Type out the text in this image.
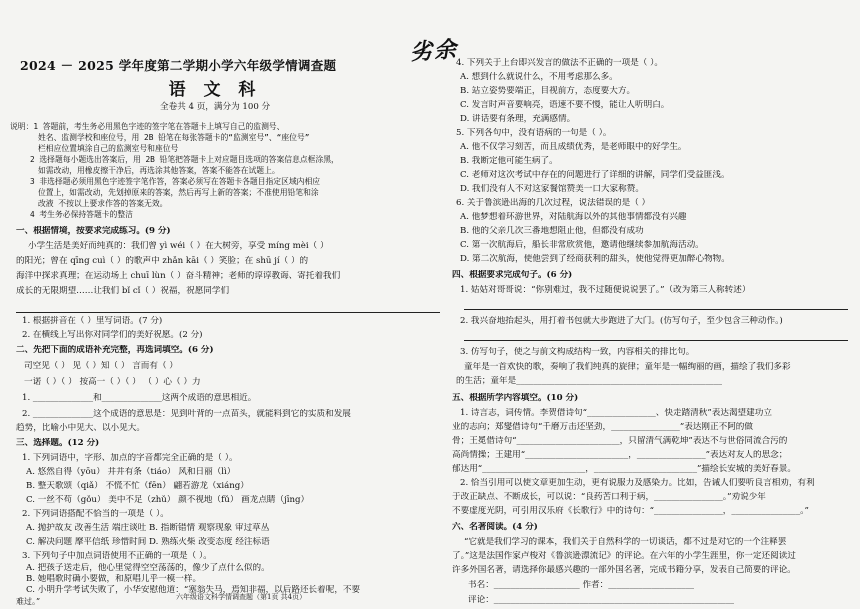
2024 － 2025 学年度第二学期小学六年级学情调查题
语 文 科
全卷共 4 页，满分为 100 分
劣余
说明：1 答题前，考生务必用黑色字迹的签字笔在答题卡上填写自己的监测号、
姓名、监测学校和座位号，用 2B 铅笔在每张答题卡的“监测室号”、“座位号”
栏相应位置填涂自己的监测室号和座位号
2 选择题每小题选出答案后，用 2B 铅笔把答题卡上对应题目选项的答案信息点框涂黑，
如需改动，用橡皮擦干净后，再选涂其他答案，答案不能答在试题上。
3 非选择题必须用黑色字迹签字笔作答，答案必须写在答题卡各题目指定区域内相应
位置上，如需改动，先划掉原来的答案，然后再写上新的答案；不准使用铅笔和涂
改液 不按以上要求作答的答案无效。
4 考生务必保持答题卡的整洁
一、根据情境，按要求完成练习。(9 分)
小学生活是美好而纯真的：我们曾 yì wéi（ ）在大树旁，享受 míng mèi（ ）
的阳光；曾在 qīng cuì（ ）的歌声中 zhǎn kāi（ ）笑脸；在 shū jí（ ）的
海洋中探求真理；在运动场上 chuī lùn（ ）奋斗精神；老师的谆谆教诲、寄托着我们
成长的无限期望……让我们 bǐ cǐ（ ）祝福，祝愿同学们
1. 根据拼音在（ ）里写词语。(7 分)
2. 在横线上写出你对同学们的美好祝愿。(2 分)
二、先把下面的成语补充完整，再选词填空。(6 分)
司空见（ ） 见（ ）知（ ） 言而有（ ）
一诺（ ）（ ） 按高一（ ）（ ） （ ）心（ ）力
1. ______________和______________这两个成语的意思相近。
2. ______________这个成语的意思是：见到叶背的一点苗头，就能料到它的实质和发展
趋势，比喻小中见大、以小见大。
三、选择题。(12 分)
1. 下列词语中，字形、加点的字音都完全正确的是（ ）。
A. 悠然自得（yōu） 井井有条（tiáo） 风和日丽（lì）
B. 整天歌颂（qiǎ） 不慌不忙（fēn） 翩若游龙（xiáng）
C. 一丝不苟（gǒu） 美中不足（zhǔ） 颜不视地（fǔ） 画龙点睛（jīng）
2. 下列词语搭配不恰当的一项是（ ）。
A. 抛护故友 改善生活 端庄谈吐 B. 指断错情 观察现象 审过草丛
C. 解决问题 摩平信纸 珍惜时间 D. 熟练火柴 改变态度 经注标语
3. 下列句子中加点词语使用不正确的一项是（ ）。
A. 把孩子送走后，他心里觉得空空荡荡的，像少了点什么似的。
B. 她唱歌时确小要做，和原唱儿乎一模一样。
C. 小明升学考试失败了，小华安慰他道：“塞翁失马，焉知非福，以后路还长着呢，不要
难过。”
4. 下列关于上台即兴发言的做法不正确的一项是（ ）。
A. 想到什么就说什么，不用考虑那么多。
B. 站立姿势要端正，目视前方，态度要大方。
C. 发言时声音要响亮，语速不要不慢，能让人听明白。
D. 讲话要有条理，充满感情。
5. 下列各句中，没有语病的一句是（ ）。
A. 他不仅学习刻苦，而且成绩优秀，是老师眼中的好学生。
B. 我断定他可能生病了。
C. 老师对这次考试中存在的问题进行了详细的讲解，同学们受益匪浅。
D. 我们没有人不对这家餐馆赞美一口大家称赞。
6. 关于鲁滨逊出海的几次过程，说法错误的是（ ）
A. 他梦想着环游世界，对陆航海以外的其他事情都没有兴趣
B. 他的父亲几次三番地想阻止他，但都没有成功
C. 第一次航海后，船长非常欣赏他，邀请他继续参加航海活动。
D. 第二次航海，使他尝到了经商获利的甜头，使他觉得更加醉心物物。
四、根据要求完成句子。(6 分)
1. 姑姑对哥哥说：“你别难过，我不过随便说说罢了。”（改为第三人称转述）
2. 我兴奋地抬起头，用打着书包就大步跑进了大门。(仿写句子，至少包含三种动作。)
3. 仿写句子，使之与前文构成结构一致，内容相关的排比句。
童年是一首欢快的歌，奏响了我们纯真的旋律；童年是一幅绚丽的画，描绘了我们多彩
的生活；童年是________________________________________________
五、根据所学内容填空。(10 分)
1. 诗言志，词传情。李贺借诗句“________________、快走踏清秋”表达渴望建功立
业的志向；郑燮借诗句“千磨万击还坚劲，________________”表达刚正不阿的做
骨；王冕借诗句“________________________，只留清气满乾坤”表达不与世俗同流合污的
高尚情操；王建用“________________________，________________”表达对友人的思念；
郁达用“________________________，________________________”描绘长安城的美好春景。
2. 恰当引用可以使文章更加生动，更有说服力及感染力。比如，告诫人们要听良言相劝，有利
于改正缺点、不断成长，可以说：“良药苦口利于病，________________。”劝说少年
不要虚度光阴，可引用汉乐府《长歌行》中的诗句：“________________，________________。”
六、名著阅读。(4 分)
“它就是我们学习的课本，我们关于自然科学的一切谈话，都不过是对它的一个注释罢
了。”这是法国作家卢梭对《鲁滨逊漂流记》的评论。在六年的小学生涯里，你一定还阅读过
许多外国名著，请选择你最感兴趣的一部外国名著，完成书籍分享，发表自己简要的评论。
书名：____________________ 作者：____________________
评论：________________________________________________________
六年级语文科学情调查题（第1页 共4页）
